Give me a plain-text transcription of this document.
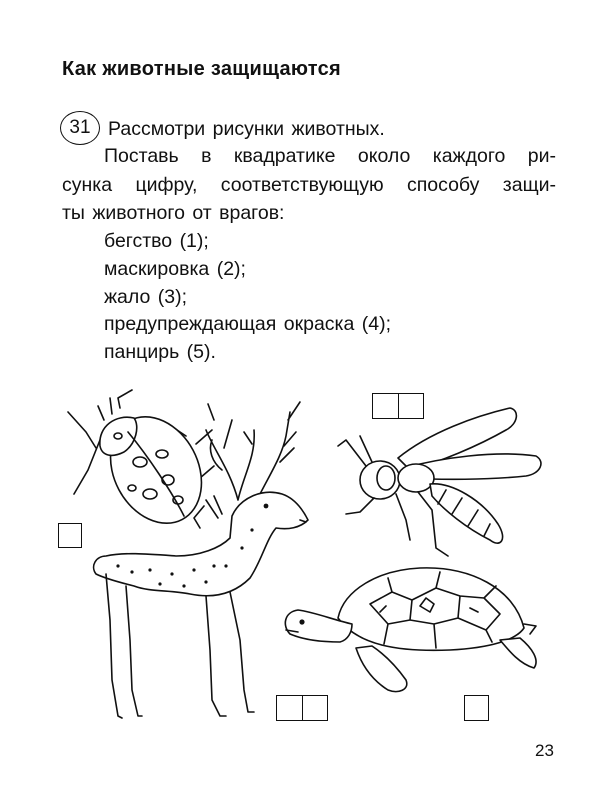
Как животные защищаются
31 Рассмотри рисунки животных.
Поставь в квадратике около каждого ри-
сунка цифру, соответствующую способу защи-
ты животного от врагов:
бегство (1);
маскировка (2);
жало (3);
предупреждающая окраска (4);
панцирь (5).
23
